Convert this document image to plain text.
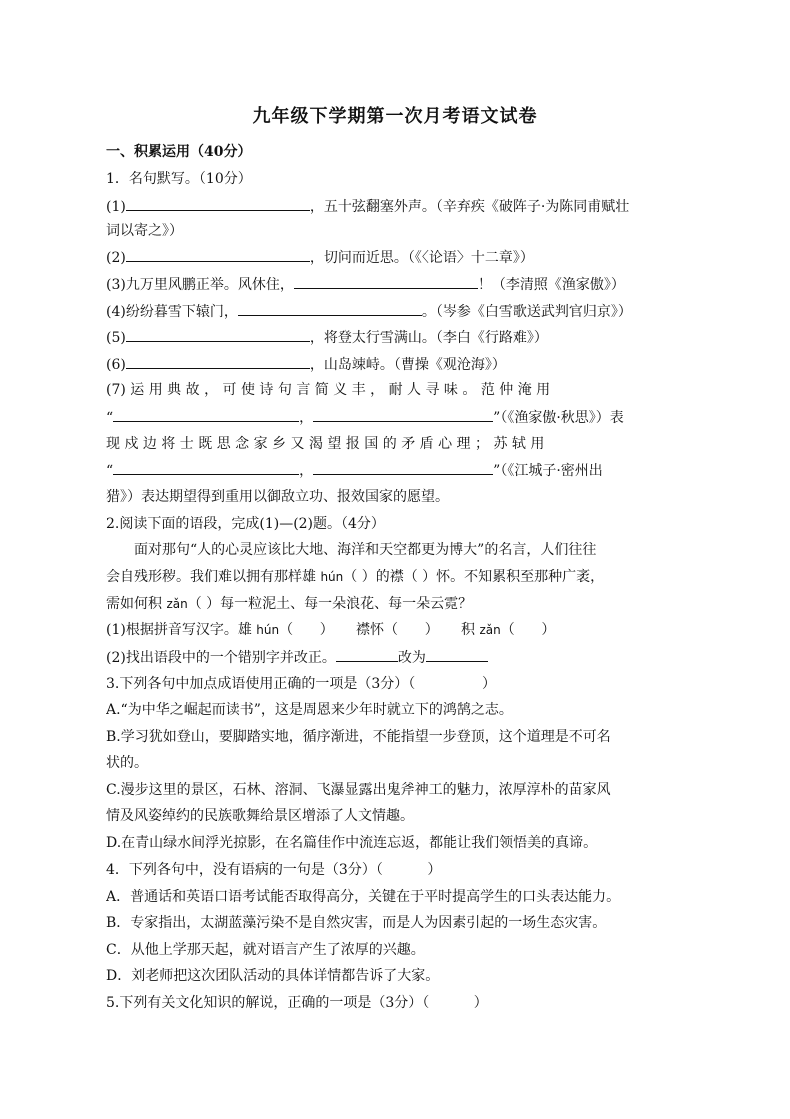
九年级下学期第一次月考语文试卷
一、积累运用（40分）
1．名句默写。（10分）
(1)	，五十弦翻塞外声。（辛弃疾《破阵子·为陈同甫赋壮
词以寄之》）
(2)	，切问而近思。（《〈论语〉十二章》）
(3)九万里风鹏正举。风休住，	！（李清照《渔家傲》）
(4)纷纷暮雪下辕门，	。（岑参《白雪歌送武判官归京》）
(5)	，将登太行雪满山。（李白《行路难》）
(6)	，山岛竦峙。（曹操《观沧海》）
(7) 运 用 典 故 ， 可 使 诗 句 言 简 义 丰 ， 耐 人 寻 味 。 范 仲 淹 用
“	，	”（《渔家傲·秋思》）表
现 戍 边 将 士 既 思 念 家 乡 又 渴 望 报 国 的 矛 盾 心 理 ； 苏 轼 用
“	，	”（《江城子·密州出
猎》）表达期望得到重用以御敌立功、报效国家的愿望。
2.阅读下面的语段，完成(1)—(2)题。（4分）
面对那句“人的心灵应该比大地、海洋和天空都更为博大”的名言，人们往往
会自残形秽。我们难以拥有那样雄 hún（ ）的襟（ ）怀。不知累积至那种广袤，
需如何积 zǎn（ ）每一粒泥土、每一朵浪花、每一朵云霓？
(1)根据拼音写汉字。雄 hún（      ）     襟怀（      ）     积 zǎn（      ）
(2)找出语段中的一个错别字并改正。	改为
3.下列各句中加点成语使用正确的一项是（3分）（               ）
A.“为中华之崛起而读书”，这是周恩来少年时就立下的鸿鹄之志。
B.学习犹如登山，要脚踏实地，循序渐进，不能指望一步登顶，这个道理是不可名
状的。
C.漫步这里的景区，石林、溶洞、飞瀑显露出鬼斧神工的魅力，浓厚淳朴的苗家风
情及风姿绰约的民族歌舞给景区增添了人文情趣。
D.在青山绿水间浮光掠影，在名篇佳作中流连忘返，都能让我们领悟美的真谛。
4．下列各句中，没有语病的一句是（3分）（          ）
A．普通话和英语口语考试能否取得高分，关键在于平时提高学生的口头表达能力。
B．专家指出，太湖蓝藻污染不是自然灾害，而是人为因素引起的一场生态灾害。
C．从他上学那天起，就对语言产生了浓厚的兴趣。
D．刘老师把这次团队活动的具体详情都告诉了大家。
5.下列有关文化知识的解说，正确的一项是（3分）（          ）
